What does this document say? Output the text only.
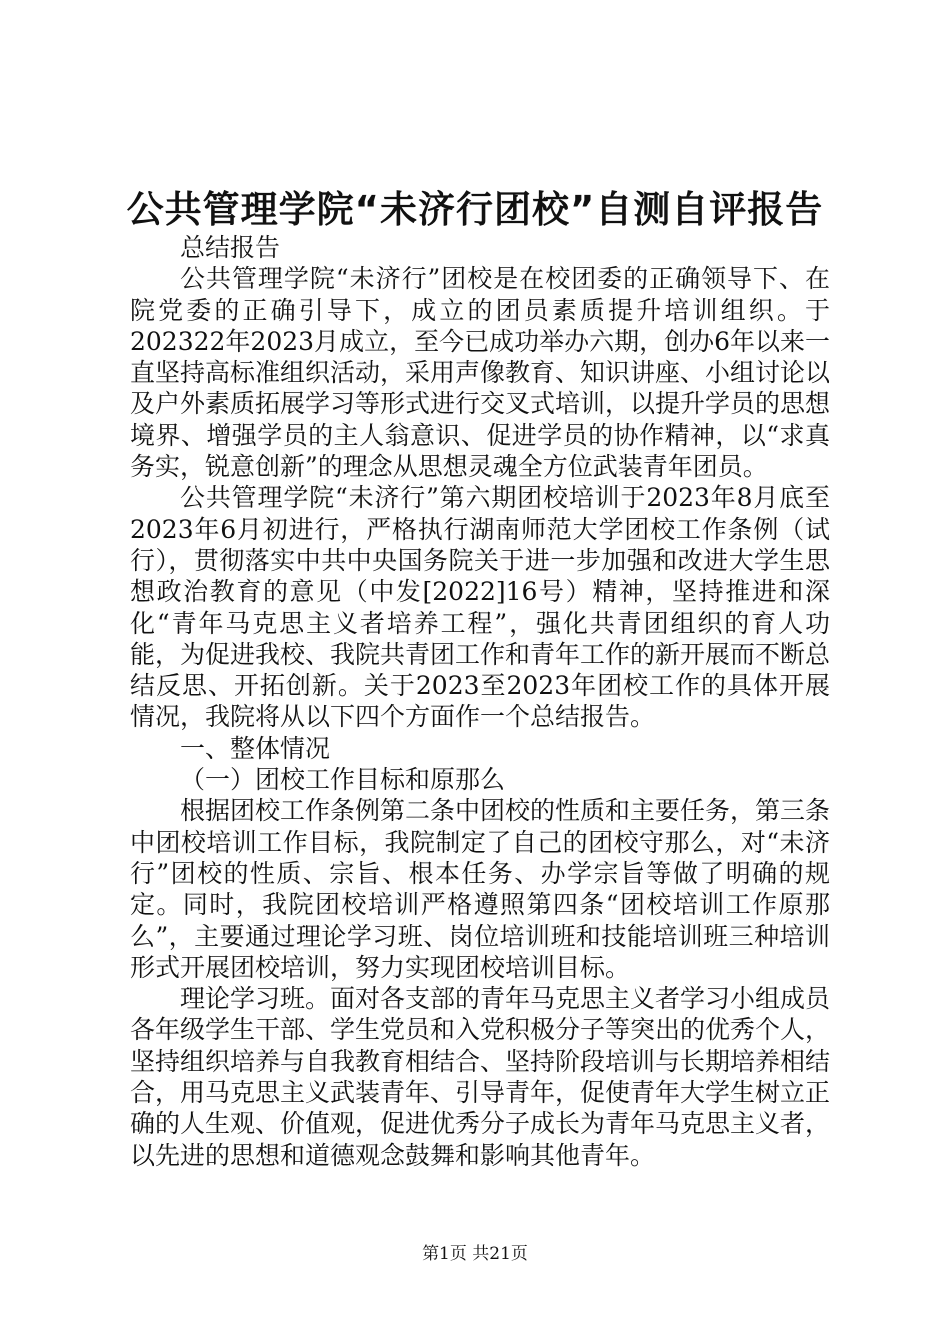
公共管理学院“未济行团校”自测自评报告

总结报告

公共管理学院“未济行”团校是在校团委的正确领导下、在院党委的正确引导下，成立的团员素质提升培训组织。于202322年2023月成立，至今已成功举办六期，创办6年以来一直坚持高标准组织活动，采用声像教育、知识讲座、小组讨论以及户外素质拓展学习等形式进行交叉式培训，以提升学员的思想境界、增强学员的主人翁意识、促进学员的协作精神，以“求真务实，锐意创新”的理念从思想灵魂全方位武装青年团员。

公共管理学院“未济行”第六期团校培训于2023年8月底至2023年6月初进行，严格执行湖南师范大学团校工作条例（试行），贯彻落实中共中央国务院关于进一步加强和改进大学生思想政治教育的意见（中发[2022]16号）精神，坚持推进和深化“青年马克思主义者培养工程”，强化共青团组织的育人功能，为促进我校、我院共青团工作和青年工作的新开展而不断总结反思、开拓创新。关于2023至2023年团校工作的具体开展情况，我院将从以下四个方面作一个总结报告。

一、整体情况

（一）团校工作目标和原那么

根据团校工作条例第二条中团校的性质和主要任务，第三条中团校培训工作目标，我院制定了自己的团校守那么，对“未济行”团校的性质、宗旨、根本任务、办学宗旨等做了明确的规定。同时，我院团校培训严格遵照第四条“团校培训工作原那么”，主要通过理论学习班、岗位培训班和技能培训班三种培训形式开展团校培训，努力实现团校培训目标。

理论学习班。面对各支部的青年马克思主义者学习小组成员各年级学生干部、学生党员和入党积极分子等突出的优秀个人，坚持组织培养与自我教育相结合、坚持阶段培训与长期培养相结合，用马克思主义武装青年、引导青年，促使青年大学生树立正确的人生观、价值观，促进优秀分子成长为青年马克思主义者，以先进的思想和道德观念鼓舞和影响其他青年。

第1页 共21页
